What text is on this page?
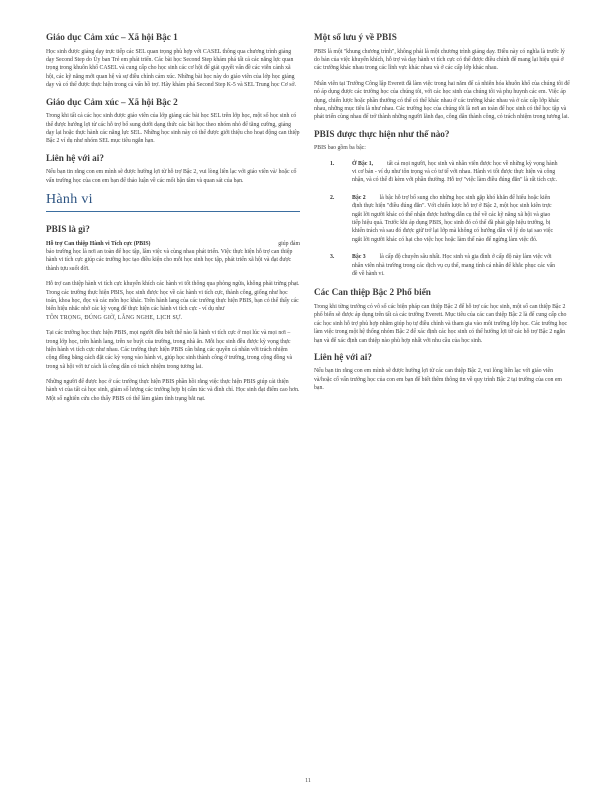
Giáo dục Cảm xúc – Xã hội Bậc 1

Học sinh được giảng dạy trực tiếp các SEL quan trọng phù hợp với CASEL thông qua chương trình giảng dạy Second Step do Ủy ban Trẻ em phát triển. Các bài học Second Step khám phá tất cả các năng lực quan trọng trong khuôn khổ CASEL và cung cấp cho học sinh các cơ hội để giải quyết vấn đề các viễn cảnh xã hội, các kỹ năng mới quan hệ và sự điều chỉnh cảm xúc. Những bài học này do giáo viên của lớp học giảng dạy và có thể được thực hiện trong cả vấn hồ trợ. Hãy khám phá Second Step K-5 và SEL Trung học Cơ sở.

Giáo dục Cảm xúc – Xã hội Bậc 2

Trong khi tất cả các học sinh được giáo viên của lớp giảng các bài học SEL trên lớp học, một số học sinh có thể được hưởng lợi từ các hỗ trợ bổ sung dưới dạng thức các bài học theo nhóm nhỏ để tăng cường, giảng dạy lại hoặc thực hành các năng lực SEL. Những học sinh này có thể được giới thiệu cho hoạt động can thiệp Bậc 2 ví dụ như nhóm SEL mục tiêu ngắn hạn.

Liên hệ với ai?

Nếu bạn tin rằng con em mình sẽ được hưởng lợi từ hỗ trợ Bậc 2, vui lòng liên lạc với giáo viên và/ hoặc cố vấn trường học của con em bạn để thảo luận về các mối bận tâm và quan sát của bạn.

Hành vi
PBIS là gì?
Hỗ trợ Can thiệp Hành vi Tích cực (PBIS)	giúp đảm

bảo trường học là nơi an toàn để học tập, lâm việc và cùng nhau phát triển. Việc thực hiện hỗ trợ can thiệp hành vi tích cực giúp các trường học tạo điều kiện cho mỗi học sinh học tập, phát triển xã hội và đạt được thành tựu suốt đời.

Hỗ trợ can thiệp hành vi tích cực khuyến khích các hành vi tốt thông qua phòng ngừa, không phải trừng phạt. Trong các trường thực hiện PBIS, học sinh được học về các hành vi tích cực, thành công, giống như học toán, khoa học, đọc và các môn học khác. Trên hành lang của các trường thực hiện PBIS, bạn có thể thấy các biển hiệu nhắc nhở các kỳ vọng để thực hiện các hành vi tích cực - ví dụ như

TÔN TRỌNG, ĐÚNG GIỜ, LẮNG NGHE, LỊCH SỰ.

Tại các trường học thực hiện PBIS, mọi người đều biết thế nào là hành vi tích cực ở mọi lúc và mọi nơi – trong lớp học, trên hành lang, trên xe buýt của trường, trong nhà ăn. Mỗi học sinh đều được kỳ vọng thực hiện hành vi tích cực như nhau. Các trường thực hiện PBIS cân bằng các quyền cá nhân với trách nhiệm cộng đồng bằng cách đặt các kỳ vọng vào hành vi, giúp học sinh thành công ở trường, trong cộng đồng và trong xã hội với tư cách là công dân có trách nhiệm trong tương lai.

Những người để được học ở các trường thực hiện PBIS phần hồi rằng việc thực hiện PBIS giúp cải thiện hành vi của tất cả học sinh, giảm số lượng các trường hợp bị cấm túc và đình chỉ. Học sinh đạt điểm cao hơn. Một số nghiên cứu cho thấy PBIS có thể làm giảm tình trạng bắt nạt.

Một số lưu ý về PBIS

PBIS là một "khung chương trình", không phải là một chương trình giảng dạy. Điều này có nghĩa là trước lý do bản của việc khuyến khích, hỗ trợ và dạy hành vi tích cực có thể được điều chỉnh để mang lại hiệu quả ở các trường khác nhau trong các lĩnh vực khác nhau và ở các cấp lớp khác nhau.

Nhân viên tại Trường Công lập Everett đã làm việc trong hai năm để cả nhiên hóa khuôn khổ của chúng tôi để nó áp dụng được các trường học của chúng tôi, với các học sinh của chúng tôi và phụ huynh các em. Việc áp dụng, chiến lược hoặc phần thưởng có thể có thể khác nhau ở các trường khác nhau và ở các cấp lớp khác nhau, những mục tiêu là như nhau. Các trường học của chúng tôi là nơi an toàn để học sinh có thể học tập và phát triển cùng nhau để trở thành những người lãnh đạo, công dân thành công, có trách nhiệm trong tương lai.

PBIS được thực hiện như thế nào?

PBIS bao gồm ba bậc:

1.	Ở Bậc 1, tất cả mọi người, học sinh và nhân viên được học về những kỳ vọng hành vi cơ bản - ví dụ như tôn trọng và có tư tế với nhau. Hành vi tốt được thực hiện và công nhận, và có thể đi kèm với phần thưởng. Hỗ trợ "việc làm điều đúng đắn" là rất tích cực.
2.	Bậc 2 là bậc hỗ trợ bổ sung cho những học sinh gặp khó khăn để hiểu hoặc kiên định thực hiện "điều đúng đắn". Với chiến lược hỗ trợ ở Bậc 2, một học sinh kiên trực ngắt lời người khác có thể nhận được hướng dẫn cụ thể về các kỹ năng xã hội và giao tiếp hiệu quả. Trước khi áp dụng PBIS, học sinh đó có thể đã phải gặp hiệu trưởng, bị khiển trách và sau đó được giữ trở lại lớp mà không có hướng dẫn về lý do tại sao việc ngắt lời người khác có hại cho việc học hoặc làm thế nào để ngừng làm việc đó.
3.	Bậc 3 là cấp độ chuyên sâu nhất. Học sinh và gia đình ở cấp độ này làm việc với nhân viên nhà trường trong các dịch vụ cụ thể, mang tính cá nhân để khắc phục các vấn đề về hành vi.
Các Can thiệp Bậc 2 Phổ biến

Trong khi từng trường có vô số các biện pháp can thiệp Bậc 2 để hỗ trợ các học sinh, một số can thiệp Bậc 2 phổ biến sẽ được áp dụng trên tất cả các trường Everett. Mục tiêu của các can thiệp Bậc 2 là để cung cấp cho các học sinh hỗ trợ phù hợp nhằm giúp họ tự điều chỉnh và tham gia vào môi trường lớp học. Các trường học làm việc trong một hệ thống nhóm Bậc 2 để xác định các học sinh có thể hưởng lợi từ các hỗ trợ Bậc 2 ngắn hạn và để xác định can thiệp nào phù hợp nhất với nhu cầu của học sinh.

Liên hệ với ai?

Nếu bạn tin rằng con em mình sẽ được hưởng lợi từ các can thiệp Bậc 2, vui lòng liên lạc với giáo viên và/hoặc cố vấn trường học của con em bạn để biết thêm thông tin về quy trình Bậc 2 tại trường của con em bạn.

11
